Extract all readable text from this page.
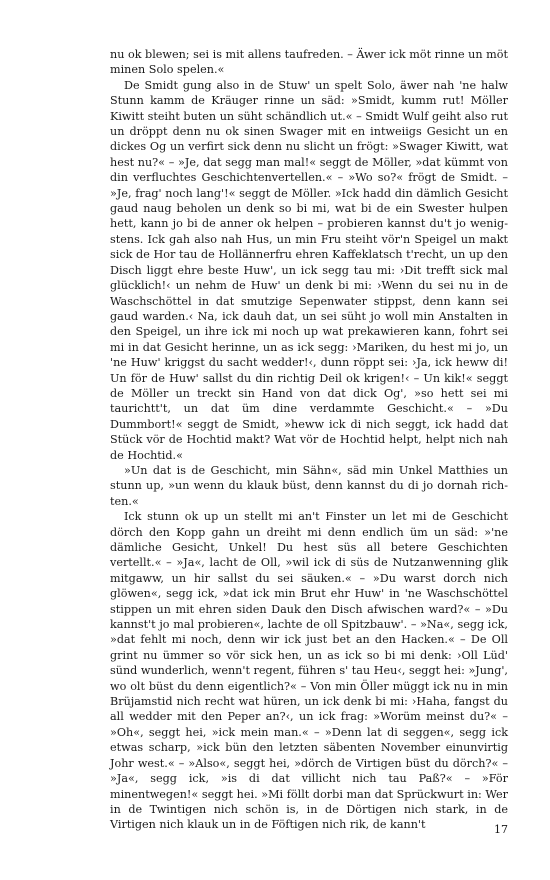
nu ok blewen; sei is mit allens taufreden. – Äwer ick möt rinne un möt minen Solo spelen.«

De Smidt gung also in de Stuw' un spelt Solo, äwer nah 'ne halw Stunn kamm de Kräuger rinne un säd: »Smidt, kumm rut! Möller Kiwitt steiht buten un süht schändlich ut.« – Smidt Wulf geiht also rut un dröppt denn nu ok sinen Swager mit en intweiigs Gesicht un en dickes Og un verfirt sick denn nu slicht un frögt: »Swager Kiwitt, wat hest nu?« – »Je, dat segg man mal!« seggt de Möller, »dat kümmt von din verfluchtes Geschichtenvertellen.« – »Wo so?« frögt de Smidt. – »Je, frag' noch lang'!« seggt de Möller. »Ick hadd din dämlich Gesicht gaud naug beholen un denk so bi mi, wat bi de ein Swester hulpen hett, kann jo bi de anner ok helpen – probieren kannst du't jo wenigstens. Ick gah also nah Hus, un min Fru steiht vör'n Speigel un makt sick de Hor tau de Hollännerfru ehren Kaffeklatsch t'recht, un up den Disch liggt ehre beste Huw', un ick segg tau mi: ›Dit trefft sick mal glücklich!‹ un nehm de Huw' un denk bi mi: ›Wenn du sei nu in de Waschschöttel in dat smutzige Sepenwater stippst, denn kann sei gaud warden.‹ Na, ick dauh dat, un sei süht jo woll min Anstalten in den Speigel, un ihre ick mi noch up wat prekawieren kann, fohrt sei mi in dat Gesicht herinne, un as ick segg: ›Mariken, du hest mi jo, un 'ne Huw' kriggst du sacht wedder!‹, dunn röppt sei: ›Ja, ick heww di! Un för de Huw' sallst du din richtig Deil ok krigen!‹ – Un kik!« seggt de Möller un treckt sin Hand von dat dick Og', »so hett sei mi taurichtt't, un dat üm dine verdammte Geschicht.« – »Du Dummbort!« seggt de Smidt, »heww ick di nich seggt, ick hadd dat Stück vör de Hochtid makt? Wat vör de Hochtid helpt, helpt nich nah de Hochtid.«

»Un dat is de Geschicht, min Sähn«, säd min Unkel Matthies un stunn up, »un wenn du klauk büst, denn kannst du di jo dornah richten.«

Ick stunn ok up un stellt mi an't Finster un let mi de Geschicht dörch den Kopp gahn un dreiht mi denn endlich üm un säd: »'ne dämliche Gesicht, Unkel! Du hest süs all betere Geschichten vertellt.« – »Ja«, lacht de Oll, »wil ick di süs de Nutzanwenning glik mitgaww, un hir sallst du sei säuken.« – »Du warst dorch nich glöwen«, segg ick, »dat ick min Brut ehr Huw' in 'ne Waschschöttel stippen un mit ehren siden Dauk den Disch afwischen ward?« – »Du kannst't jo mal probieren«, lachte de oll Spitzbauw'. – »Na«, segg ick, »dat fehlt mi noch, denn wir ick just bet an den Hacken.« – De Oll grint nu ümmer so vör sick hen, un as ick so bi mi denk: ›Oll Lüd' sünd wunderlich, wenn't regent, führen s' tau Heu‹, seggt hei: »Jung', wo olt büst du denn eigentlich?« – Von min Öller müggt ick nu in min Brüjamstid nich recht wat hüren, un ick denk bi mi: ›Haha, fangst du all wedder mit den Peper an?‹, un ick frag: »Worüm meinst du?« – »Oh«, seggt hei, »ick mein man.« – »Denn lat di seggen«, segg ick etwas scharp, »ick bün den letzten säbenten November einunvirtig Johr west.« – »Also«, seggt hei, »dörch de Virtigen büst du dörch?« – »Ja«, segg ick, »is di dat villicht nich tau Paß?« – »För minentwegen!« seggt hei. »Mi föllt dorbi man dat Sprückwurt in: Wer in de Twintigen nich schön is, in de Dörtigen nich stark, in de Virtigen nich klauk un in de Föftigen nich rik, de kann't	17
